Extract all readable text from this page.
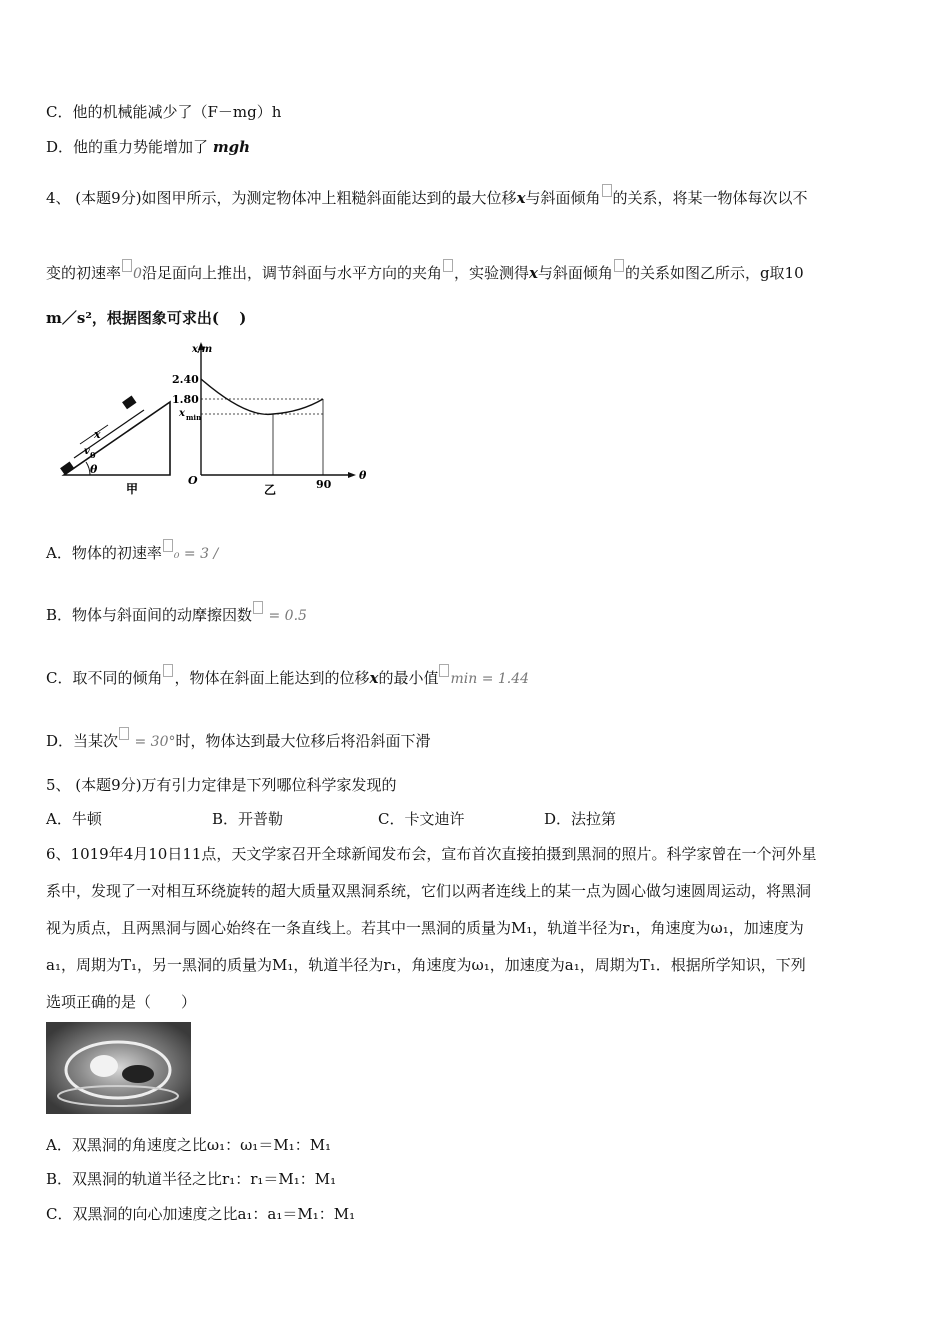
C．他的机械能减少了（F－mg）h
D．他的重力势能增加了 mgh
4、 (本题9分)如图甲所示，为测定物体冲上粗糙斜面能达到的最大位移x与斜面倾角 的关系，将某一物体每次以不
变的初速率 0沿足面向上推出，调节斜面与水平方向的夹角 ，实验测得x与斜面倾角 的关系如图乙所示，g取10
m／s²，根据图象可求出(　 )
x
v 0
θ
甲
x/m
θ
2.40
1.80
x min
O	90
乙
A．物体的初速率 ₀ = 3 /
B．物体与斜面间的动摩擦因数 = 0.5
C．取不同的倾角 ，物体在斜面上能达到的位移x的最小值 min = 1.44
D．当某次 = 30°时，物体达到最大位移后将沿斜面下滑
5、 (本题9分)万有引力定律是下列哪位科学家发现的
A．牛顿	B．开普勒	C．卡文迪许	D．法拉第
6、1019年4月10日11点，天文学家召开全球新闻发布会，宣布首次直接拍摄到黑洞的照片。科学家曾在一个河外星
系中，发现了一对相互环绕旋转的超大质量双黑洞系统，它们以两者连线上的某一点为圆心做匀速圆周运动，将黑洞
视为质点，且两黑洞与圆心始终在一条直线上。若其中一黑洞的质量为M₁，轨道半径为r₁，角速度为ω₁，加速度为
a₁，周期为T₁，另一黑洞的质量为M₁，轨道半径为r₁，角速度为ω₁，加速度为a₁，周期为T₁．根据所学知识，下列
选项正确的是（　　）
A．双黑洞的角速度之比ω₁：ω₁＝M₁：M₁
B．双黑洞的轨道半径之比r₁：r₁＝M₁：M₁
C．双黑洞的向心加速度之比a₁：a₁＝M₁：M₁
